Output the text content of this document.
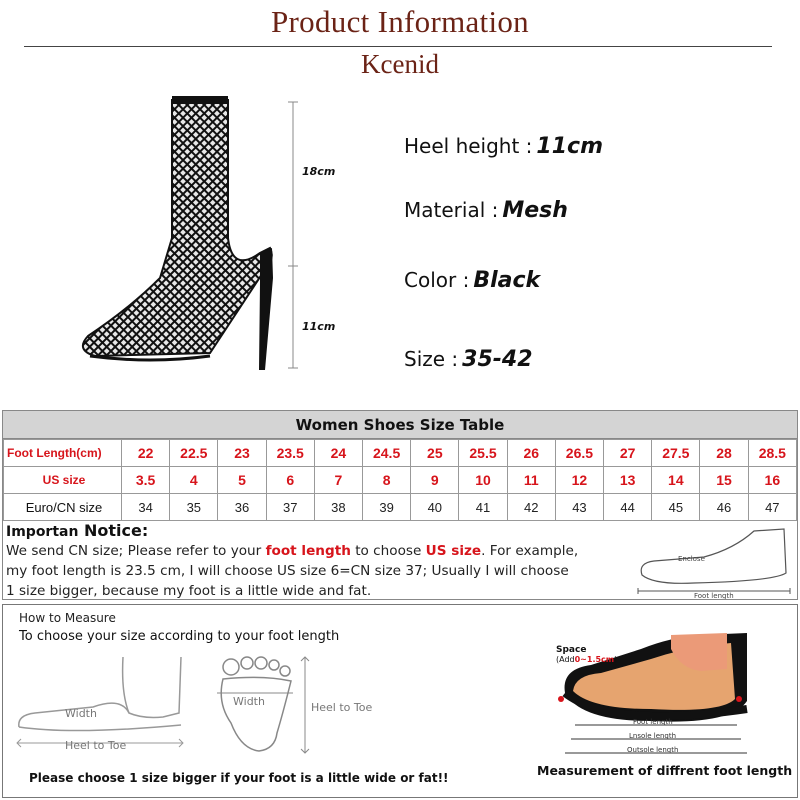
Product Information
Kcenid
18cm
11cm
Heel height : 11cm
Material : Mesh
Color : Black
Size : 35-42
Women Shoes Size Table
Foot Length(cm)	22	22.5	23	23.5	24	24.5	25	25.5	26	26.5	27	27.5	28	28.5
US size	3.5	4	5	6	7	8	9	10	11	12	13	14	15	16
Euro/CN size	34	35	36	37	38	39	40	41	42	43	44	45	46	47
Importan Notice:
We send CN size; Please refer to your foot length to choose US size. For example,
my foot length is 23.5 cm, I will choose US size 6=CN size 37; Usually I will choose
1 size bigger, because my foot is a little wide and fat.
Enclose
Foot length
How to Measure
To choose your size according to your foot length
Width
Heel to Toe
Width	Heel to Toe
Space
(Add0~1.5cm)
Foot length
Lnsole length
Outsole length
Measurement of diffrent foot length
Please choose 1 size bigger if your foot is a little wide or fat!!
